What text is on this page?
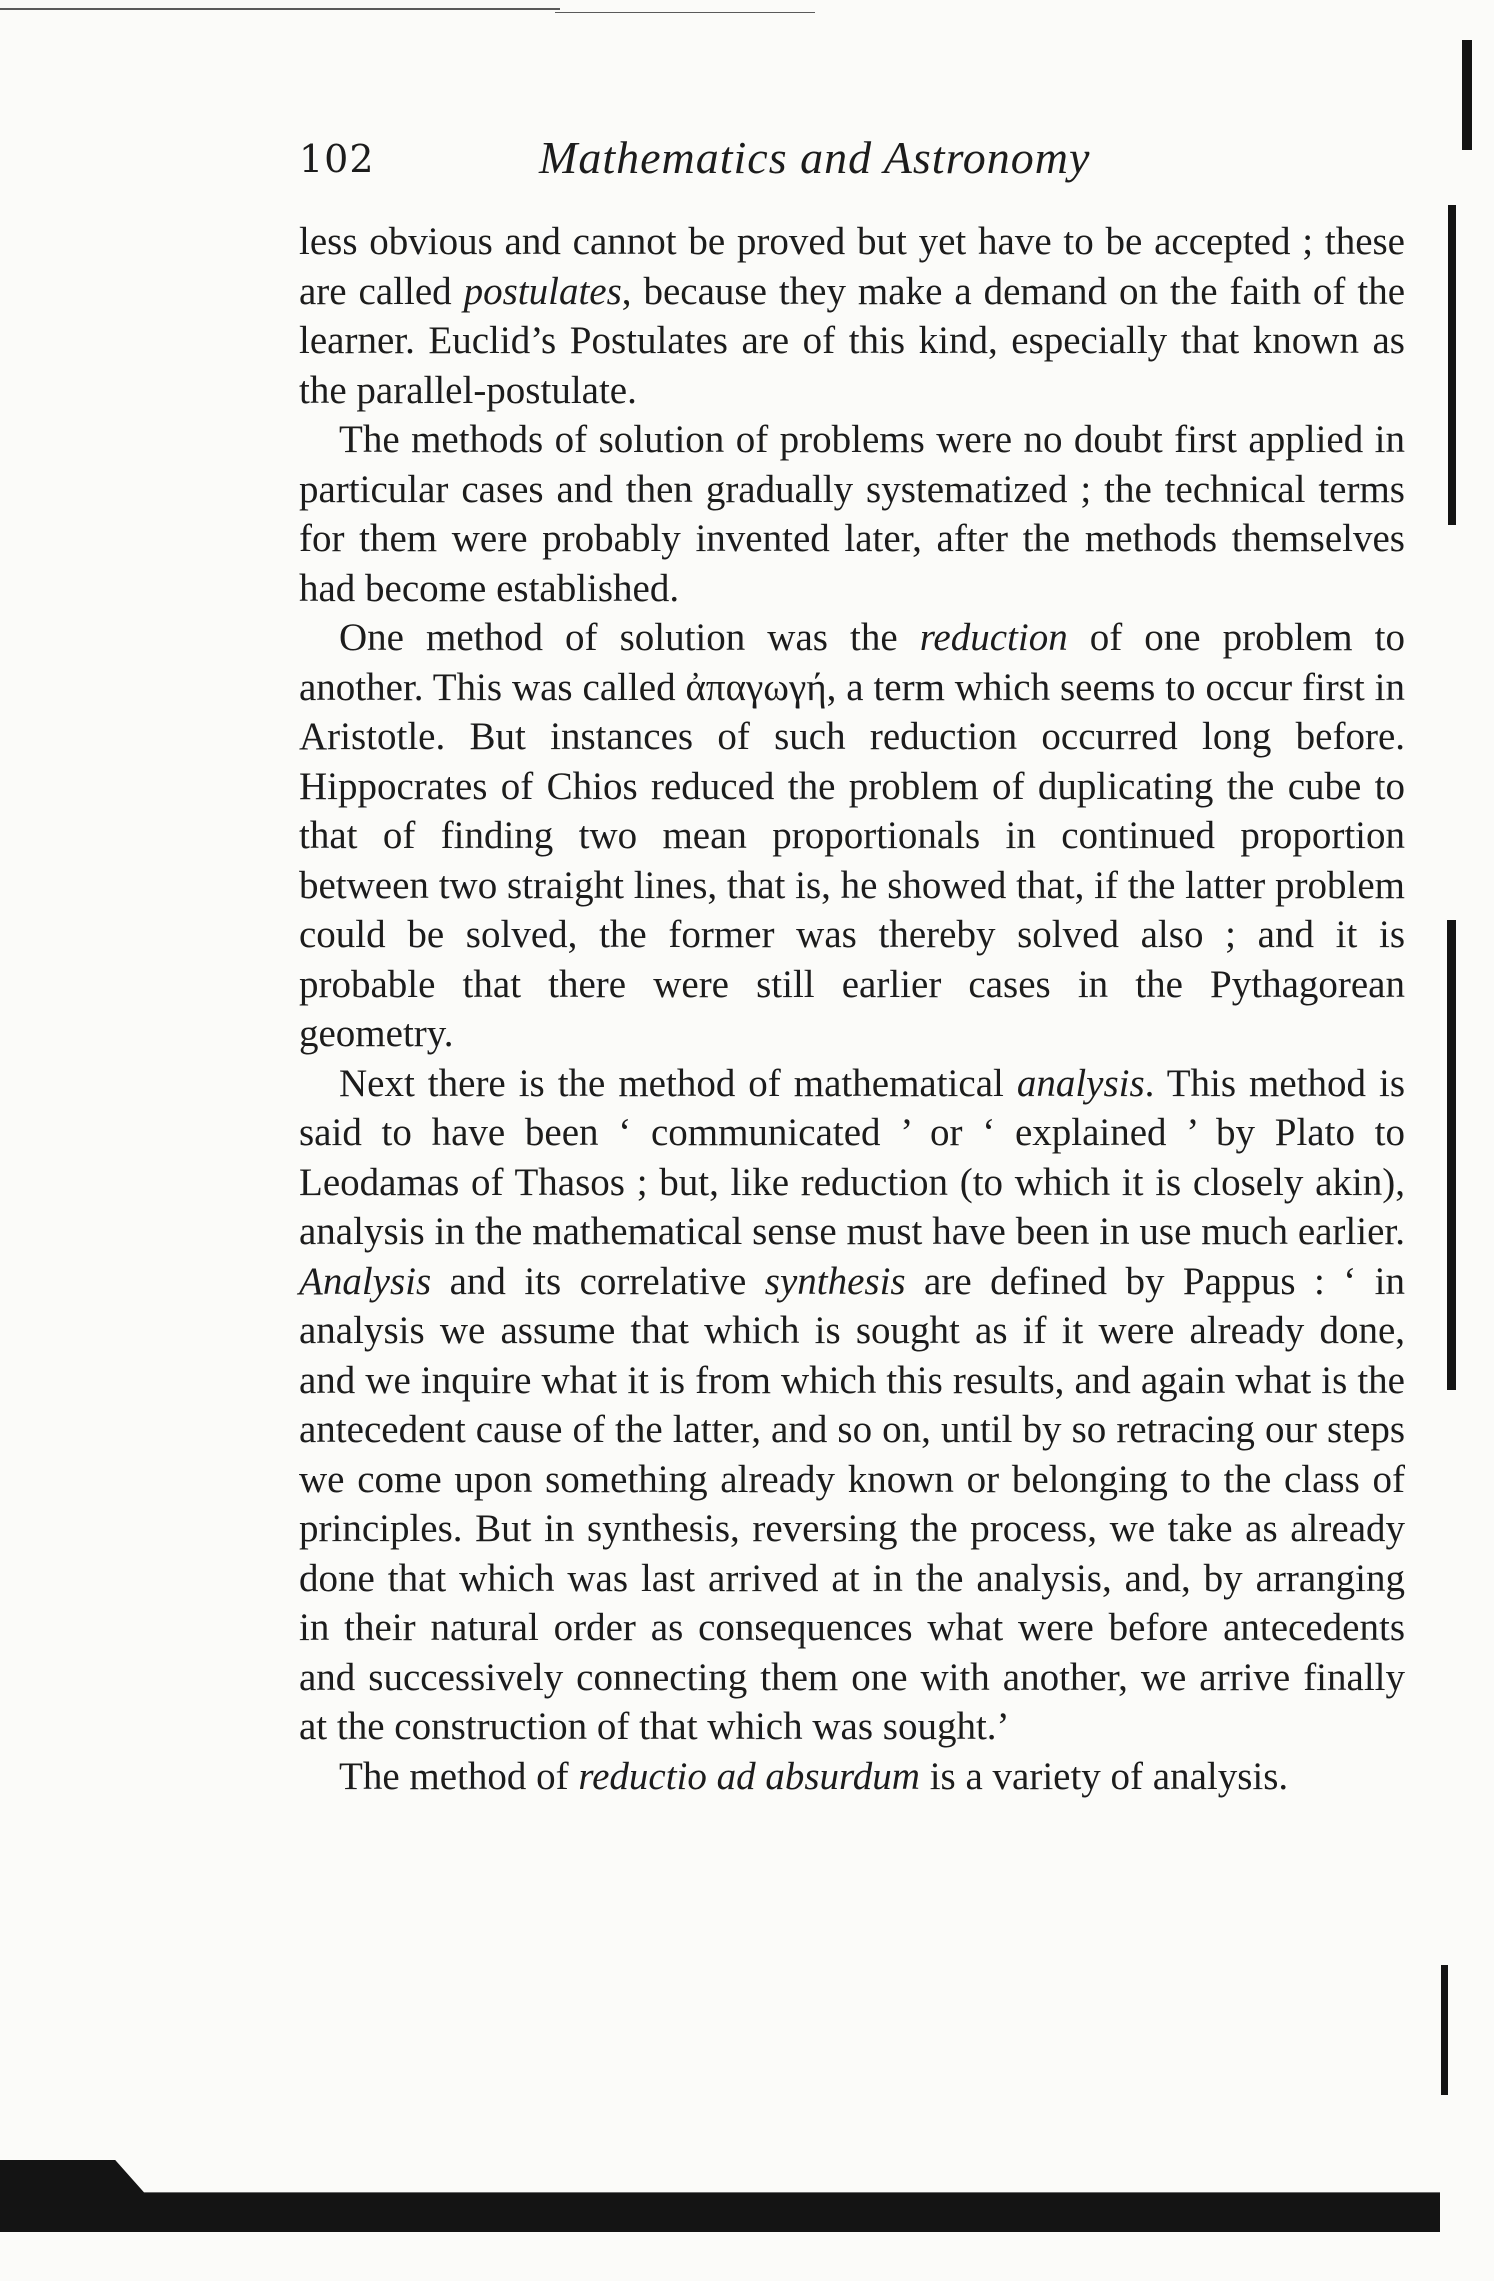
102	Mathematics and Astronomy

less obvious and cannot be proved but yet have to be accepted ; these are called postulates, because they make a demand on the faith of the learner. Euclid’s Postulates are of this kind, especially that known as the parallel-postulate.

The methods of solution of problems were no doubt first applied in particular cases and then gradually systematized ; the technical terms for them were probably invented later, after the methods themselves had become established.

One method of solution was the reduction of one problem to another. This was called ἀπαγωγή, a term which seems to occur first in Aristotle. But instances of such reduction occurred long before. Hippocrates of Chios reduced the problem of duplicating the cube to that of finding two mean proportionals in continued proportion between two straight lines, that is, he showed that, if the latter problem could be solved, the former was thereby solved also ; and it is probable that there were still earlier cases in the Pythagorean geometry.

Next there is the method of mathematical analysis. This method is said to have been ‘ communicated ’ or ‘ explained ’ by Plato to Leodamas of Thasos ; but, like reduction (to which it is closely akin), analysis in the mathematical sense must have been in use much earlier. Analysis and its correlative synthesis are defined by Pappus : ‘ in analysis we assume that which is sought as if it were already done, and we inquire what it is from which this results, and again what is the antecedent cause of the latter, and so on, until by so retracing our steps we come upon something already known or belonging to the class of principles. But in synthesis, reversing the process, we take as already done that which was last arrived at in the analysis, and, by arranging in their natural order as consequences what were before antecedents and successively connecting them one with another, we arrive finally at the construction of that which was sought.’

The method of reductio ad absurdum is a variety of analysis.
